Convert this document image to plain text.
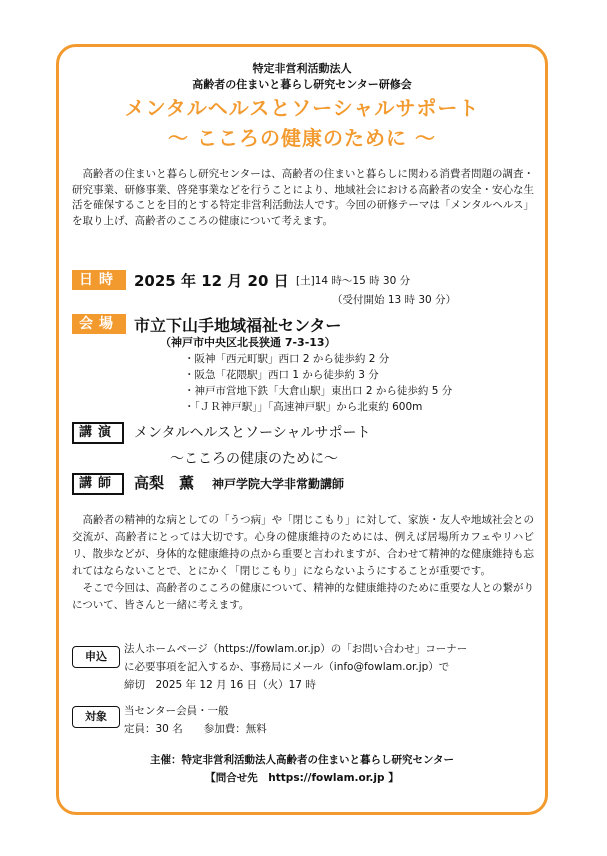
特定非営利活動法人
高齢者の住まいと暮らし研究センター研修会
メンタルヘルスとソーシャルサポート
～ こころの健康のために ～
高齢者の住まいと暮らし研究センターは、高齢者の住まいと暮らしに関わる消費者問題の調査・研究事業、研修事業、啓発事業などを行うことにより、地域社会における高齢者の安全・安心な生活を確保することを目的とする特定非営利活動法人です。今回の研修テーマは「メンタルヘルス」を取り上げ、高齢者のこころの健康について考えます。
日時	2025 年 12 月 20 日 [土]14 時～15 時 30 分
（受付開始 13 時 30 分）
会場 市立下山手地域福祉センター
（神戸市中央区北長狭通 7-3-13）
・阪神「西元町駅」西口 2 から徒歩約 2 分
・阪急「花隈駅」西口 1 から徒歩約 3 分
・神戸市営地下鉄「大倉山駅」東出口 2 から徒歩約 5 分
・「ＪＲ神戸駅」」「高速神戸駅」から北東約 600m
講演	メンタルヘルスとソーシャルサポート
～こころの健康のために～
講師	高梨　薫 神戸学院大学非常勤講師

高齢者の精神的な病としての「うつ病」や「閉じこもり」に対して、家族・友人や地域社会との交流が、高齢者にとっては大切です。心身の健康維持のためには、例えば居場所カフェやリハビリ、散歩などが、身体的な健康維持の点から重要と言われますが、合わせて精神的な健康維持も忘れてはならないことで、とにかく「閉じこもり」にならないようにすることが重要です。

そこで今回は、高齢者のこころの健康について、精神的な健康維持のために重要な人との繋がりについて、皆さんと一緒に考えます。

申込
法人ホームページ（https://fowlam.or.jp）の「お問い合わせ」コーナー
に必要事項を記入するか、事務局にメール（info@fowlam.or.jp）で
締切　2025 年 12 月 16 日（火）17 時
対象	当センター会員・一般
定員：30 名　　参加費：無料
主催：特定非営利活動法人高齢者の住まいと暮らし研究センター
【問合せ先　https://fowlam.or.jp 】
